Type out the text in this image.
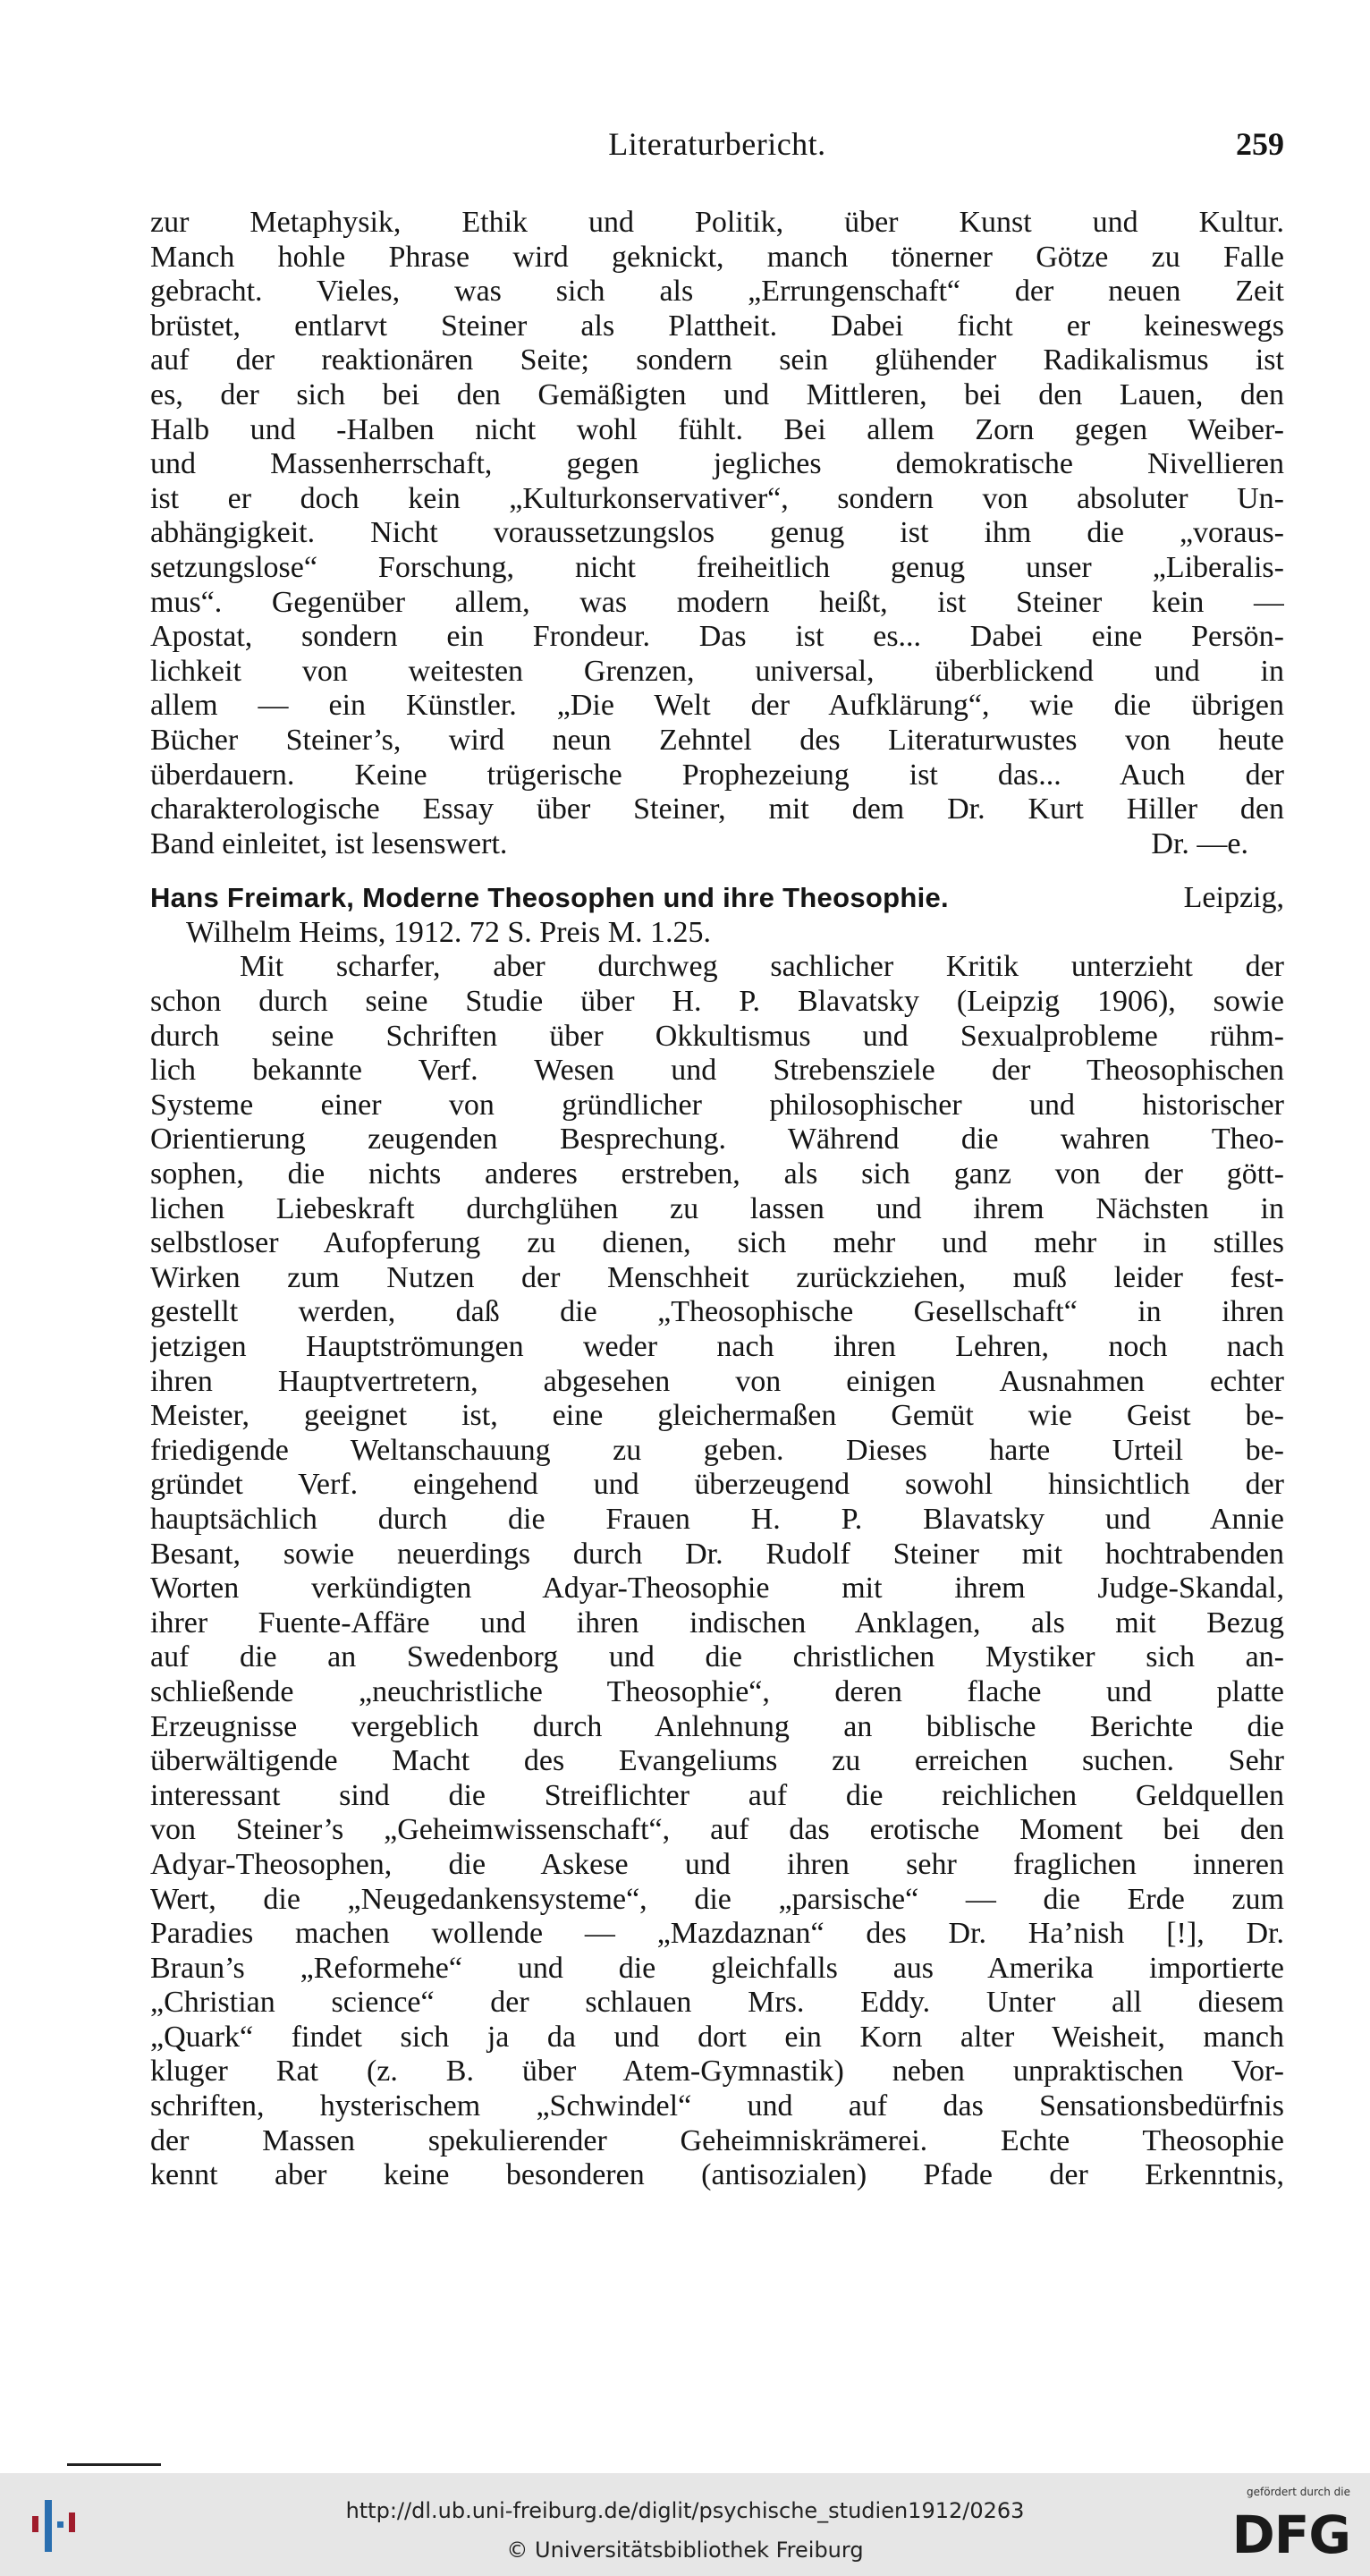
Literaturbericht.	259
zur Metaphysik, Ethik und Politik, über Kunst und Kultur.
Manch hohle Phrase wird geknickt, manch tönerner Götze zu Falle
gebracht. Vieles, was sich als „Errungenschaft“ der neuen Zeit
brüstet, entlarvt Steiner als Plattheit. Dabei ficht er keineswegs
auf der reaktionären Seite; sondern sein glühender Radikalismus ist
es, der sich bei den Gemäßigten und Mittleren, bei den Lauen, den
Halb und -Halben nicht wohl fühlt. Bei allem Zorn gegen Weiber-
und Massenherrschaft, gegen jegliches demokratische Nivellieren
ist er doch kein „Kulturkonservativer“, sondern von absoluter Un-
abhängigkeit. Nicht voraussetzungslos genug ist ihm die „voraus-
setzungslose“ Forschung, nicht freiheitlich genug unser „Liberalis-
mus“. Gegenüber allem, was modern heißt, ist Steiner kein —
Apostat, sondern ein Frondeur. Das ist es... Dabei eine Persön-
lichkeit von weitesten Grenzen, universal, überblickend und in
allem — ein Künstler. „Die Welt der Aufklärung“, wie die übrigen
Bücher Steiner’s, wird neun Zehntel des Literaturwustes von heute
überdauern. Keine trügerische Prophezeiung ist das... Auch der
charakterologische Essay über Steiner, mit dem Dr. Kurt Hiller den
Band einleitet, ist lesenswert.	Dr. —e.
Hans Freimark, Moderne Theosophen und ihre Theosophie.	Leipzig,
Wilhelm Heims, 1912. 72 S. Preis M. 1.25.
Mit scharfer, aber durchweg sachlicher Kritik unterzieht der
schon durch seine Studie über H. P. Blavatsky (Leipzig 1906), sowie
durch seine Schriften über Okkultismus und Sexualprobleme rühm-
lich bekannte Verf. Wesen und Strebensziele der Theosophischen
Systeme einer von gründlicher philosophischer und historischer
Orientierung zeugenden Besprechung. Während die wahren Theo-
sophen, die nichts anderes erstreben, als sich ganz von der gött-
lichen Liebeskraft durchglühen zu lassen und ihrem Nächsten in
selbstloser Aufopferung zu dienen, sich mehr und mehr in stilles
Wirken zum Nutzen der Menschheit zurückziehen, muß leider fest-
gestellt werden, daß die „Theosophische Gesellschaft“ in ihren
jetzigen Hauptströmungen weder nach ihren Lehren, noch nach
ihren Hauptvertretern, abgesehen von einigen Ausnahmen echter
Meister, geeignet ist, eine gleichermaßen Gemüt wie Geist be-
friedigende Weltanschauung zu geben. Dieses harte Urteil be-
gründet Verf. eingehend und überzeugend sowohl hinsichtlich der
hauptsächlich durch die Frauen H. P. Blavatsky und Annie
Besant, sowie neuerdings durch Dr. Rudolf Steiner mit hochtrabenden
Worten verkündigten Adyar-Theosophie mit ihrem Judge-Skandal,
ihrer Fuente-Affäre und ihren indischen Anklagen, als mit Bezug
auf die an Swedenborg und die christlichen Mystiker sich an-
schließende „neuchristliche Theosophie“, deren flache und platte
Erzeugnisse vergeblich durch Anlehnung an biblische Berichte die
überwältigende Macht des Evangeliums zu erreichen suchen. Sehr
interessant sind die Streiflichter auf die reichlichen Geldquellen
von Steiner’s „Geheimwissenschaft“, auf das erotische Moment bei den
Adyar-Theosophen, die Askese und ihren sehr fraglichen inneren
Wert, die „Neugedankensysteme“, die „parsische“ — die Erde zum
Paradies machen wollende — „Mazdaznan“ des Dr. Ha’nish [!], Dr.
Braun’s „Reformehe“ und die gleichfalls aus Amerika importierte
„Christian science“ der schlauen Mrs. Eddy. Unter all diesem
„Quark“ findet sich ja da und dort ein Korn alter Weisheit, manch
kluger Rat (z. B. über Atem-Gymnastik) neben unpraktischen Vor-
schriften, hysterischem „Schwindel“ und auf das Sensationsbedürfnis
der Massen spekulierender Geheimniskrämerei. Echte Theosophie
kennt aber keine besonderen (antisozialen) Pfade der Erkenntnis,
http://dl.ub.uni-freiburg.de/diglit/psychische_studien1912/0263
© Universitätsbibliothek Freiburg
gefördert durch die
DFG
